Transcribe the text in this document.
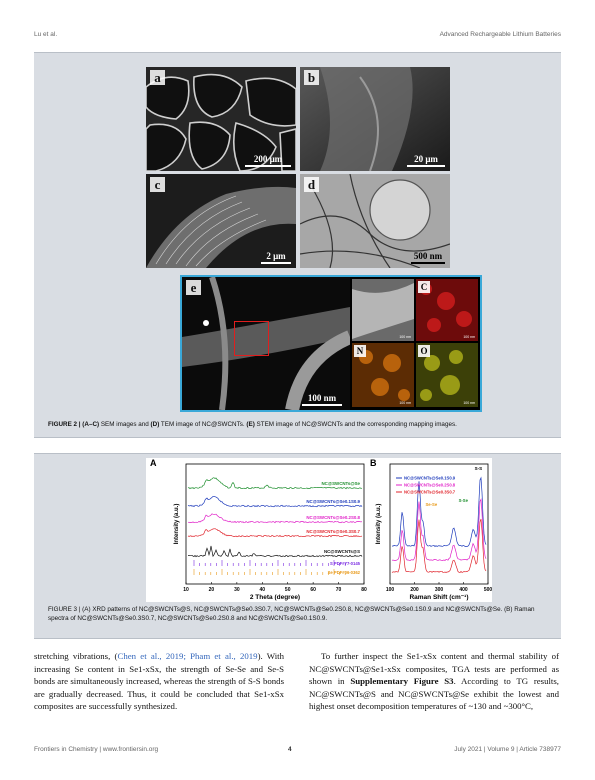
Lu et al.	Advanced Rechargeable Lithium Batteries
a
200 μm
b
20 μm
c
2 μm
d
500 nm
e
100 nm
100 nm
C
100 nm
N
100 nm
O
100 nm
FIGURE 2 | (A–C) SEM images and (D) TEM image of NC@SWCNTs. (E) STEM image of NC@SWCNTs and the corresponding mapping images.
A
10	20	30	40	50	60	70	80
2 Theta (degree)
Intensity (a.u.)
NC@SWCNTs@Se
NC@SWCNTs@Se0.1S0.9
NC@SWCNTs@Se0.2S0.8
NC@SWCNTs@Se0.3S0.7
NC@SWCNTs@S
S PDF#77-0145
Se PDF#06-0362
B
100	200	300	400	500
Raman Shift (cm⁻¹)
Intensity (a.u.)
NC@SWCNTs@Se0.1S0.9
NC@SWCNTs@Se0.2S0.8
NC@SWCNTs@Se0.3S0.7
S-S
Se-Se
S-Se
FIGURE 3 | (A) XRD patterns of NC@SWCNTs@S, NC@SWCNTs@Se0.3S0.7, NC@SWCNTs@Se0.2S0.8, NC@SWCNTs@Se0.1S0.9 and NC@SWCNTs@Se. (B) Raman spectra of NC@SWCNTs@Se0.3S0.7, NC@SWCNTs@Se0.2S0.8 and NC@SWCNTs@Se0.1S0.9.
stretching vibrations, (Chen et al., 2019; Pham et al., 2019). With increasing Se content in Se1-xSx, the strength of Se-Se and Se-S bonds are simultaneously increased, whereas the strength of S-S bonds are gradually decreased. Thus, it could be concluded that Se1-xSx composites are successfully synthesized.
To further inspect the Se1-xSx content and thermal stability of NC@SWCNTs@Se1-xSx composites, TGA tests are performed as shown in Supplementary Figure S3. According to TG results, NC@SWCNTs@S and NC@SWCNTs@Se exhibit the lowest and highest onset decomposition temperatures of ~130 and ~300°C,
Frontiers in Chemistry | www.frontiersin.org	4	July 2021 | Volume 9 | Article 738977
